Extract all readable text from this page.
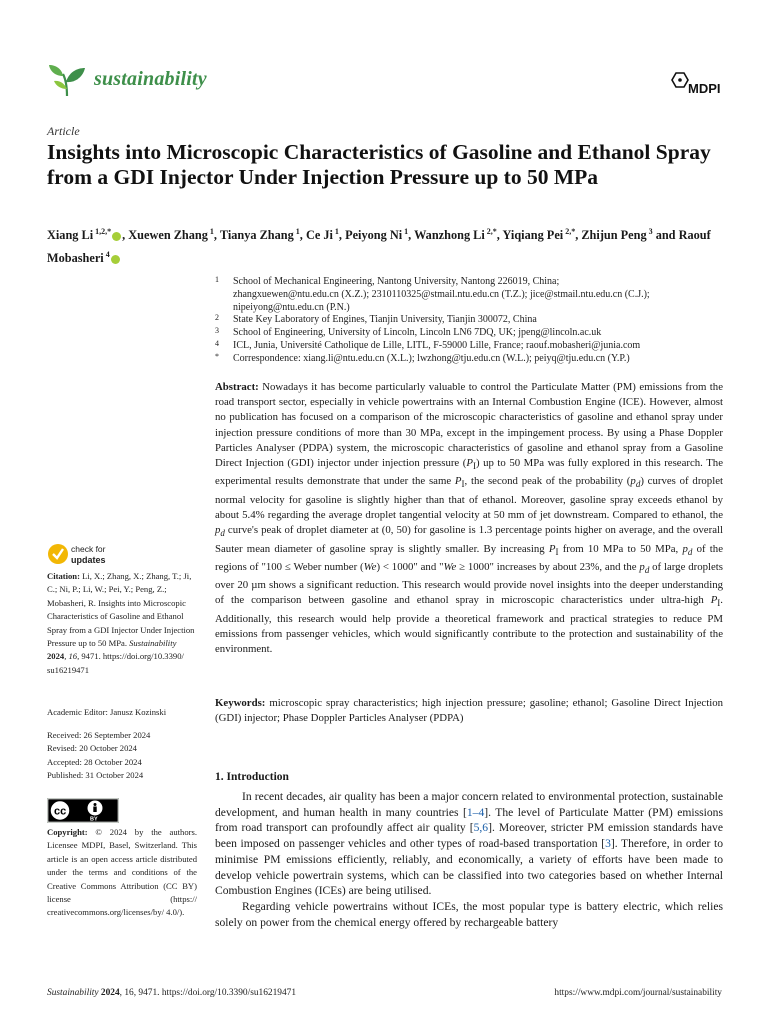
sustainability	MDPI
Article
Insights into Microscopic Characteristics of Gasoline and Ethanol Spray from a GDI Injector Under Injection Pressure up to 50 MPa
Xiang Li $^{1,2,*}$ , Xuewen Zhang $^1$, Tianya Zhang $^1$, Ce Ji $^1$, Peiyong Ni $^1$, Wanzhong Li $^{2,*}$, Yiqiang Pei $^{2,*}$, Zhijun Peng $^3$ and Raouf Mobasheri $^4$
1 School of Mechanical Engineering, Nantong University, Nantong 226019, China;
zhangxuewen@ntu.edu.cn (X.Z.); 2310110325@stmail.ntu.edu.cn (T.Z.); jice@stmail.ntu.edu.cn (C.J.);
nipeiyong@ntu.edu.cn (P.N.)
2 State Key Laboratory of Engines, Tianjin University, Tianjin 300072, China
3 School of Engineering, University of Lincoln, Lincoln LN6 7DQ, UK; jpeng@lincoln.ac.uk
4 ICL, Junia, Université Catholique de Lille, LITL, F-59000 Lille, France; raouf.mobasheri@junia.com
* Correspondence: xiang.li@ntu.edu.cn (X.L.); lwzhong@tju.edu.cn (W.L.); peiyq@tju.edu.cn (Y.P.)
Abstract: Nowadays it has become particularly valuable to control the Particulate Matter (PM) emissions from the road transport sector, especially in vehicle powertrains with an Internal Combustion Engine (ICE). However, almost no publication has focused on a comparison of the microscopic characteristics of gasoline and ethanol spray under injection pressure conditions of more than 30 MPa, except in the impingement process. By using a Phase Doppler Particles Analyser (PDPA) system, the microscopic characteristics of gasoline and ethanol spray from a Gasoline Direct Injection (GDI) injector under injection pressure $(P_I)$ up to 50 MPa was fully explored in this research. The experimental results demonstrate that under the same $P_I$, the second peak of the probability $(p_d)$ curves of droplet normal velocity for gasoline is slightly higher than that of ethanol. Moreover, gasoline spray exceeds ethanol by about 5.4% regarding the average droplet tangential velocity at 50 mm of jet downstream. Compared to ethanol, the $p_d$ curve's peak of droplet diameter at (0, 50) for gasoline is 1.3 percentage points higher on average, and the overall Sauter mean diameter of gasoline spray is slightly smaller. By increasing $P_I$ from 10 MPa to 50 MPa, $p_d$ of the regions of "100 ≤ Weber number (We) < 1000" and "We ≥ 1000" increases by about 23%, and the $p_d$ of large droplets over 20 µm shows a significant reduction. This research would provide novel insights into the deeper understanding of the comparison between gasoline and ethanol spray in microscopic characteristics under ultra-high $P_I$. Additionally, this research would help provide a theoretical framework and practical strategies to reduce PM emissions from passenger vehicles, which would significantly contribute to the protection and sustainability of the environment.
Keywords: microscopic spray characteristics; high injection pressure; gasoline; ethanol; Gasoline Direct Injection (GDI) injector; Phase Doppler Particles Analyser (PDPA)
check for
updates
Citation: Li, X.; Zhang, X.; Zhang, T.; Ji, C.; Ni, P.; Li, W.; Pei, Y.; Peng, Z.; Mobasheri, R. Insights into Microscopic Characteristics of Gasoline and Ethanol Spray from a GDI Injector Under Injection Pressure up to 50 MPa. Sustainability 2024, 16, 9471. https://doi.org/10.3390/ su16219471
Academic Editor: Janusz Kozinski
Received: 26 September 2024
Revised: 20 October 2024
Accepted: 28 October 2024
Published: 31 October 2024
cc
BY
Copyright: © 2024 by the authors. Licensee MDPI, Basel, Switzerland. This article is an open access article distributed under the terms and conditions of the Creative Commons Attribution (CC BY) license (https:// creativecommons.org/licenses/by/ 4.0/).
1. Introduction

In recent decades, air quality has been a major concern related to environmental protection, sustainable development, and human health in many countries [1–4]. The level of Particulate Matter (PM) emissions from road transport can profoundly affect air quality [5,6]. Moreover, stricter PM emission standards have been imposed on passenger vehicles and other types of road-based transportation [3]. Therefore, in order to minimise PM emissions efficiently, reliably, and economically, a variety of efforts have been made to develop vehicle powertrain systems, which can be classified into two categories based on whether Internal Combustion Engines (ICEs) are being utilised.

Regarding vehicle powertrains without ICEs, the most popular type is battery electric, which relies solely on power from the chemical energy offered by rechargeable battery

Sustainability 2024, 16, 9471. https://doi.org/10.3390/su16219471	https://www.mdpi.com/journal/sustainability
